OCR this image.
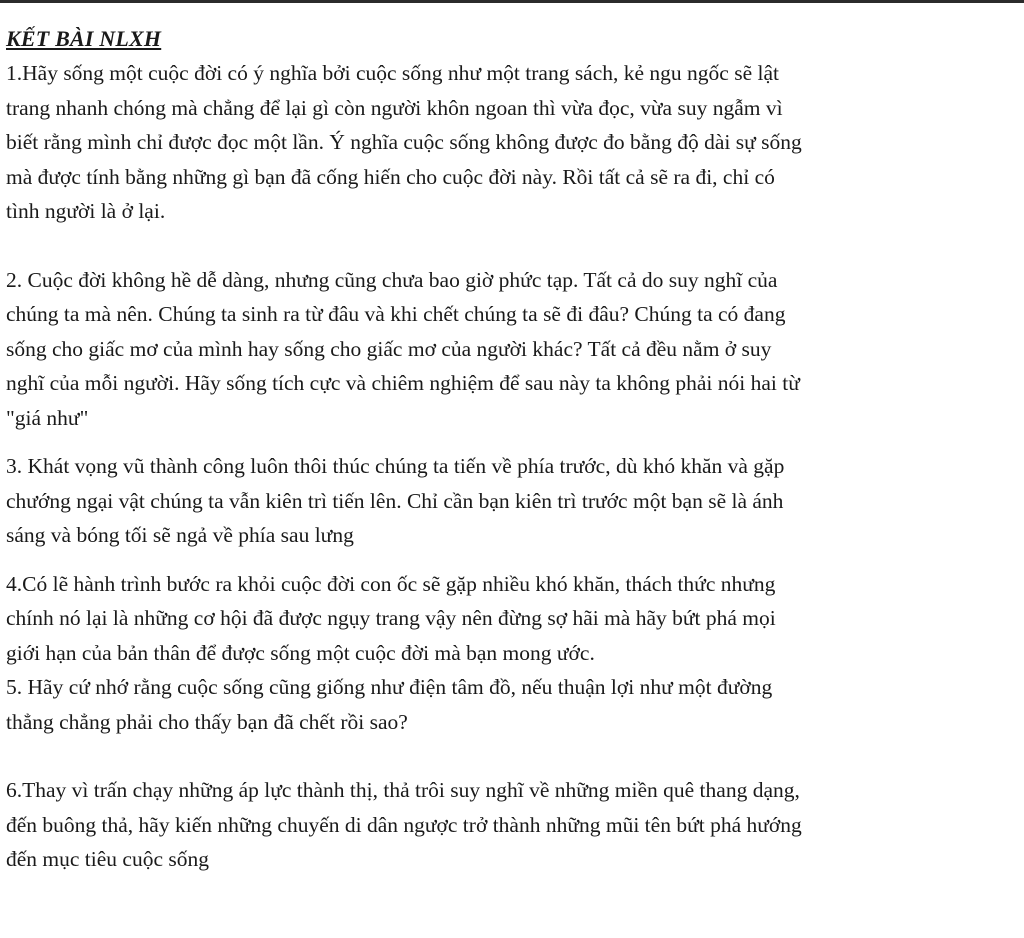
KẾT BÀI NLXH
1.Hãy sống một cuộc đời có ý nghĩa bởi cuộc sống như một trang sách, kẻ ngu ngốc sẽ lật
trang nhanh chóng mà chẳng để lại gì còn người khôn ngoan thì vừa đọc, vừa suy ngẫm vì
biết rằng mình chỉ được đọc một lần. Ý nghĩa cuộc sống không được đo bằng độ dài sự sống
mà được tính bằng những gì bạn đã cống hiến cho cuộc đời này. Rồi tất cả sẽ ra đi, chỉ có
tình người là ở lại.
2. Cuộc đời không hề dễ dàng, nhưng cũng chưa bao giờ phức tạp. Tất cả do suy nghĩ của
chúng ta mà nên. Chúng ta sinh ra từ đâu và khi chết chúng ta sẽ đi đâu? Chúng ta có đang
sống cho giấc mơ của mình hay sống cho giấc mơ của người khác? Tất cả đều nằm ở suy
nghĩ của mỗi người. Hãy sống tích cực và chiêm nghiệm để sau này ta không phải nói hai từ
"giá như"
3. Khát vọng vũ thành công luôn thôi thúc chúng ta tiến về phía trước, dù khó khăn và gặp
chướng ngại vật chúng ta vẫn kiên trì tiến lên. Chỉ cần bạn kiên trì trước một bạn sẽ là ánh
sáng và bóng tối sẽ ngả về phía sau lưng
4.Có lẽ hành trình bước ra khỏi cuộc đời con ốc sẽ gặp nhiều khó khăn, thách thức nhưng
chính nó lại là những cơ hội đã được ngụy trang vậy nên đừng sợ hãi mà hãy bứt phá mọi
giới hạn của bản thân để được sống một cuộc đời mà bạn mong ước.
5. Hãy cứ nhớ rằng cuộc sống cũng giống như điện tâm đồ, nếu thuận lợi như một đường
thẳng chẳng phải cho thấy bạn đã chết rồi sao?
6.Thay vì trấn chạy những áp lực thành thị, thả trôi suy nghĩ về những miền quê thang dạng,
đến buông thả, hãy kiến những chuyến di dân ngược trở thành những mũi tên bứt phá hướng
đến mục tiêu cuộc sống
